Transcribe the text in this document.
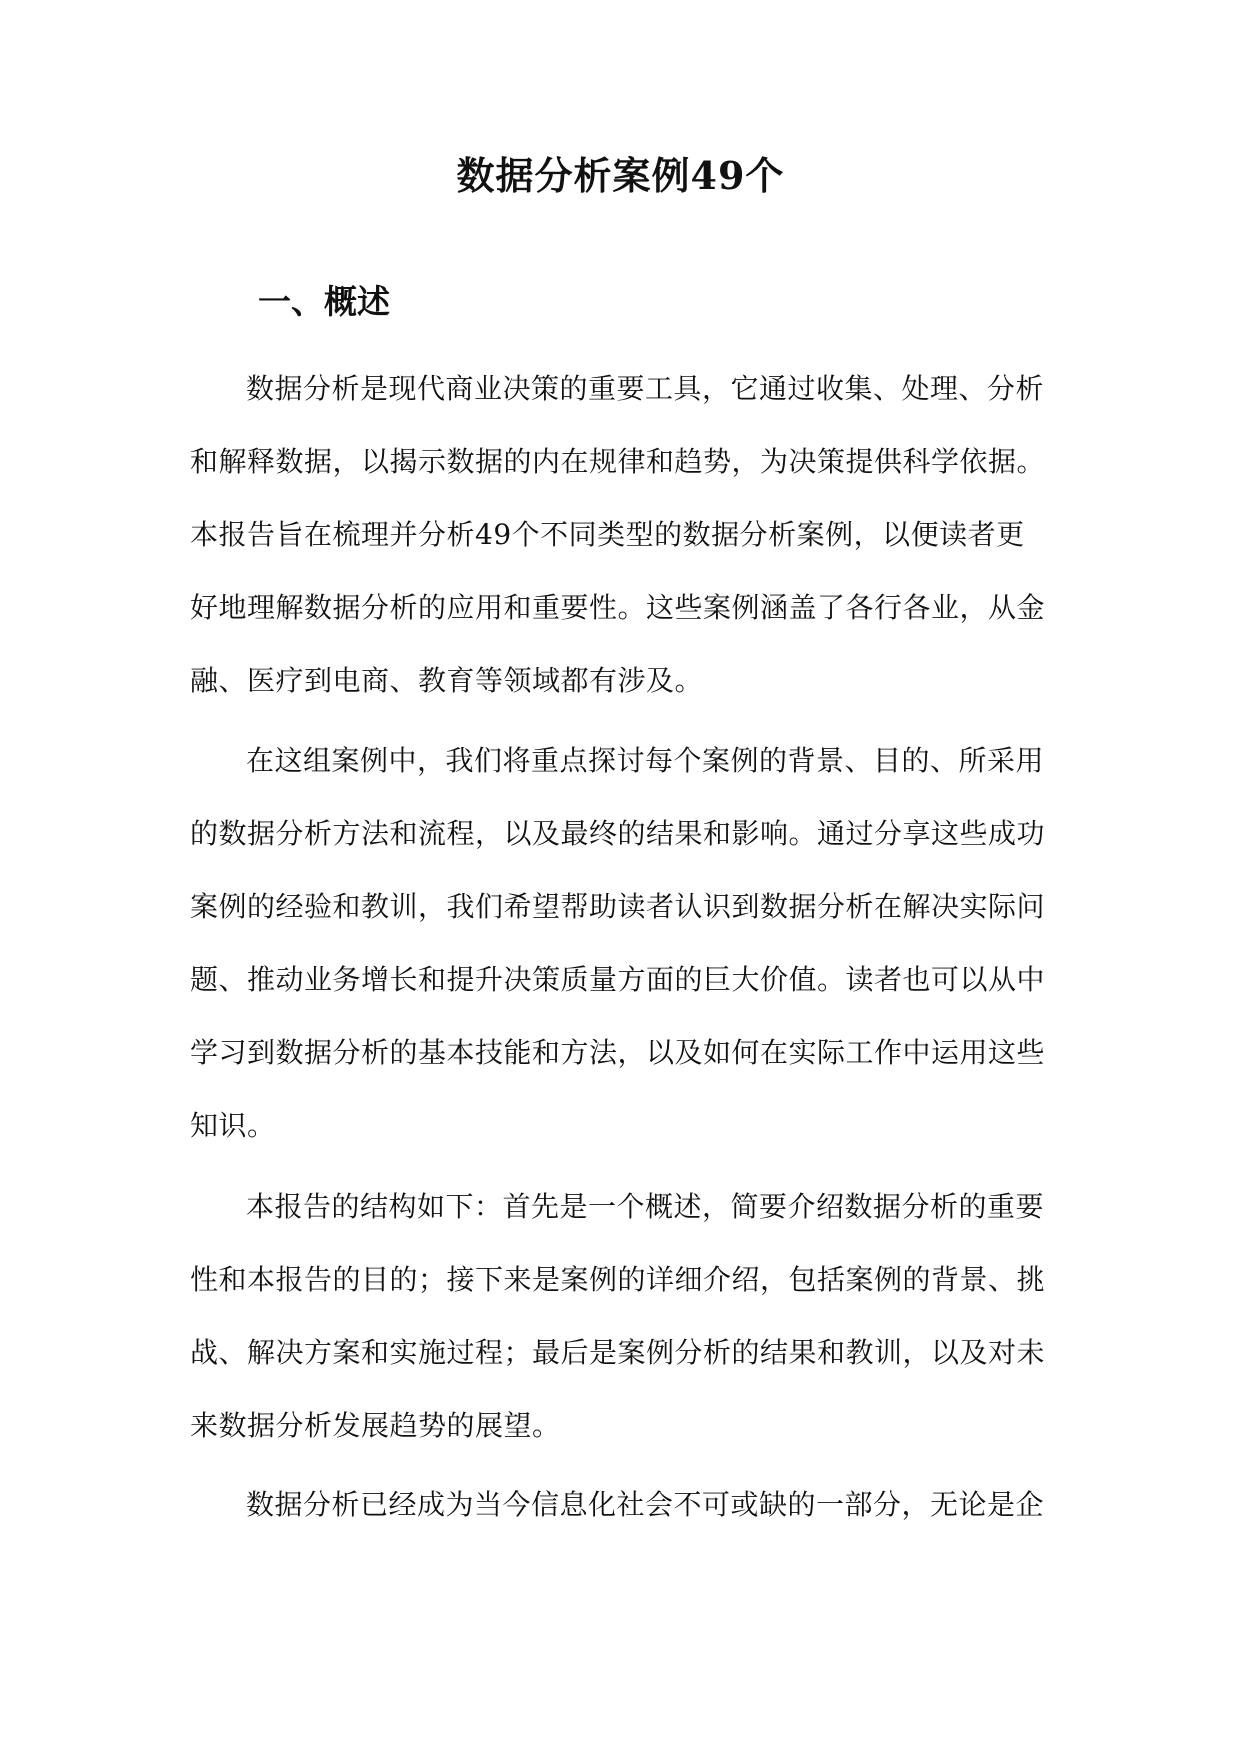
数据分析案例49个
一、概述
数据分析是现代商业决策的重要工具，它通过收集、处理、分析
和解释数据，以揭示数据的内在规律和趋势，为决策提供科学依据。
本报告旨在梳理并分析49个不同类型的数据分析案例，以便读者更
好地理解数据分析的应用和重要性。这些案例涵盖了各行各业，从金
融、医疗到电商、教育等领域都有涉及。
在这组案例中，我们将重点探讨每个案例的背景、目的、所采用
的数据分析方法和流程，以及最终的结果和影响。通过分享这些成功
案例的经验和教训，我们希望帮助读者认识到数据分析在解决实际问
题、推动业务增长和提升决策质量方面的巨大价值。读者也可以从中
学习到数据分析的基本技能和方法，以及如何在实际工作中运用这些
知识。
本报告的结构如下：首先是一个概述，简要介绍数据分析的重要
性和本报告的目的；接下来是案例的详细介绍，包括案例的背景、挑
战、解决方案和实施过程；最后是案例分析的结果和教训，以及对未
来数据分析发展趋势的展望。
数据分析已经成为当今信息化社会不可或缺的一部分，无论是企
